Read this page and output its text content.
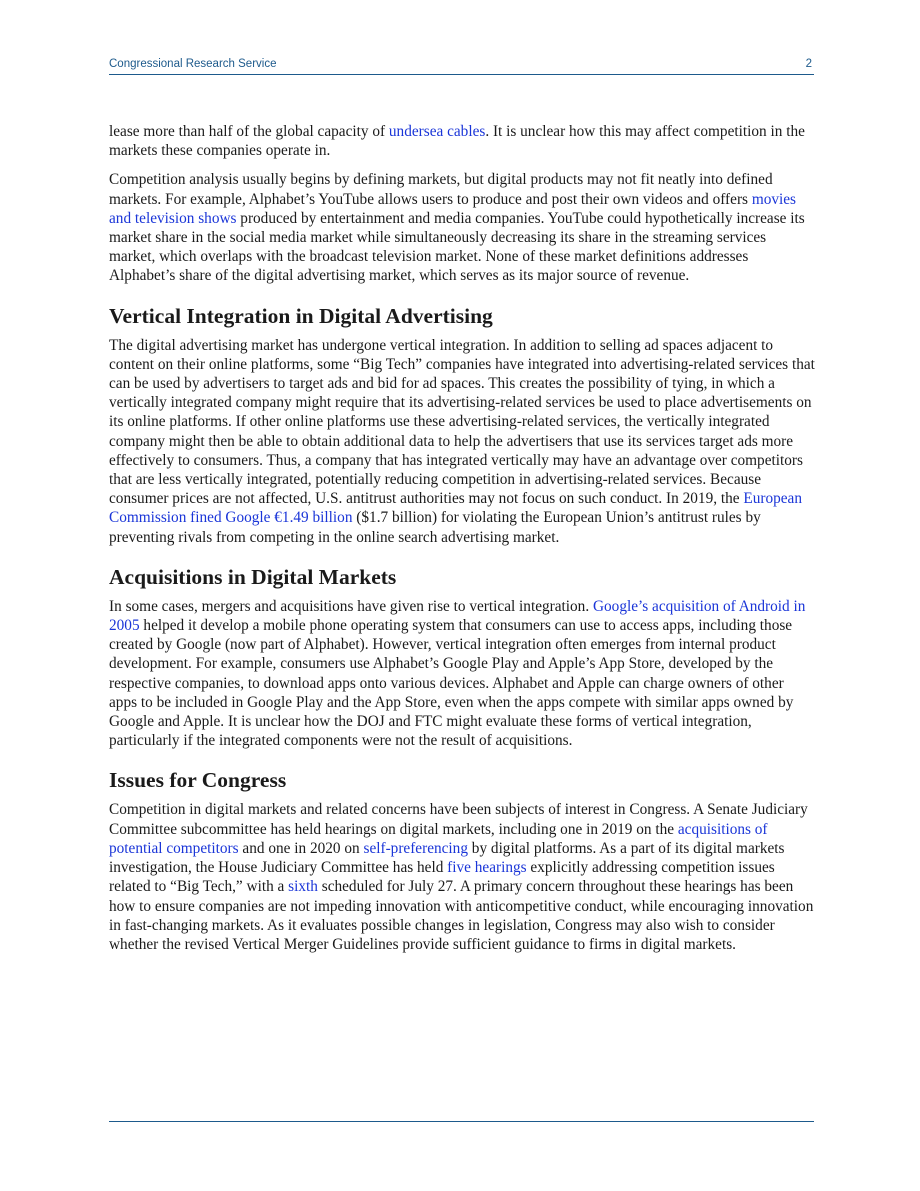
Congressional Research Service	2

lease more than half of the global capacity of undersea cables. It is unclear how this may affect competition in the markets these companies operate in.

Competition analysis usually begins by defining markets, but digital products may not fit neatly into defined markets. For example, Alphabet’s YouTube allows users to produce and post their own videos and offers movies and television shows produced by entertainment and media companies. YouTube could hypothetically increase its market share in the social media market while simultaneously decreasing its share in the streaming services market, which overlaps with the broadcast television market. None of these market definitions addresses Alphabet’s share of the digital advertising market, which serves as its major source of revenue.

Vertical Integration in Digital Advertising

The digital advertising market has undergone vertical integration. In addition to selling ad spaces adjacent to content on their online platforms, some “Big Tech” companies have integrated into advertising-related services that can be used by advertisers to target ads and bid for ad spaces. This creates the possibility of tying, in which a vertically integrated company might require that its advertising-related services be used to place advertisements on its online platforms. If other online platforms use these advertising-related services, the vertically integrated company might then be able to obtain additional data to help the advertisers that use its services target ads more effectively to consumers. Thus, a company that has integrated vertically may have an advantage over competitors that are less vertically integrated, potentially reducing competition in advertising-related services. Because consumer prices are not affected, U.S. antitrust authorities may not focus on such conduct. In 2019, the European Commission fined Google €1.49 billion ($1.7 billion) for violating the European Union’s antitrust rules by preventing rivals from competing in the online search advertising market.

Acquisitions in Digital Markets

In some cases, mergers and acquisitions have given rise to vertical integration. Google’s acquisition of Android in 2005 helped it develop a mobile phone operating system that consumers can use to access apps, including those created by Google (now part of Alphabet). However, vertical integration often emerges from internal product development. For example, consumers use Alphabet’s Google Play and Apple’s App Store, developed by the respective companies, to download apps onto various devices. Alphabet and Apple can charge owners of other apps to be included in Google Play and the App Store, even when the apps compete with similar apps owned by Google and Apple. It is unclear how the DOJ and FTC might evaluate these forms of vertical integration, particularly if the integrated components were not the result of acquisitions.

Issues for Congress

Competition in digital markets and related concerns have been subjects of interest in Congress. A Senate Judiciary Committee subcommittee has held hearings on digital markets, including one in 2019 on the acquisitions of potential competitors and one in 2020 on self-preferencing by digital platforms. As a part of its digital markets investigation, the House Judiciary Committee has held five hearings explicitly addressing competition issues related to “Big Tech,” with a sixth scheduled for July 27. A primary concern throughout these hearings has been how to ensure companies are not impeding innovation with anticompetitive conduct, while encouraging innovation in fast-changing markets. As it evaluates possible changes in legislation, Congress may also wish to consider whether the revised Vertical Merger Guidelines provide sufficient guidance to firms in digital markets.
